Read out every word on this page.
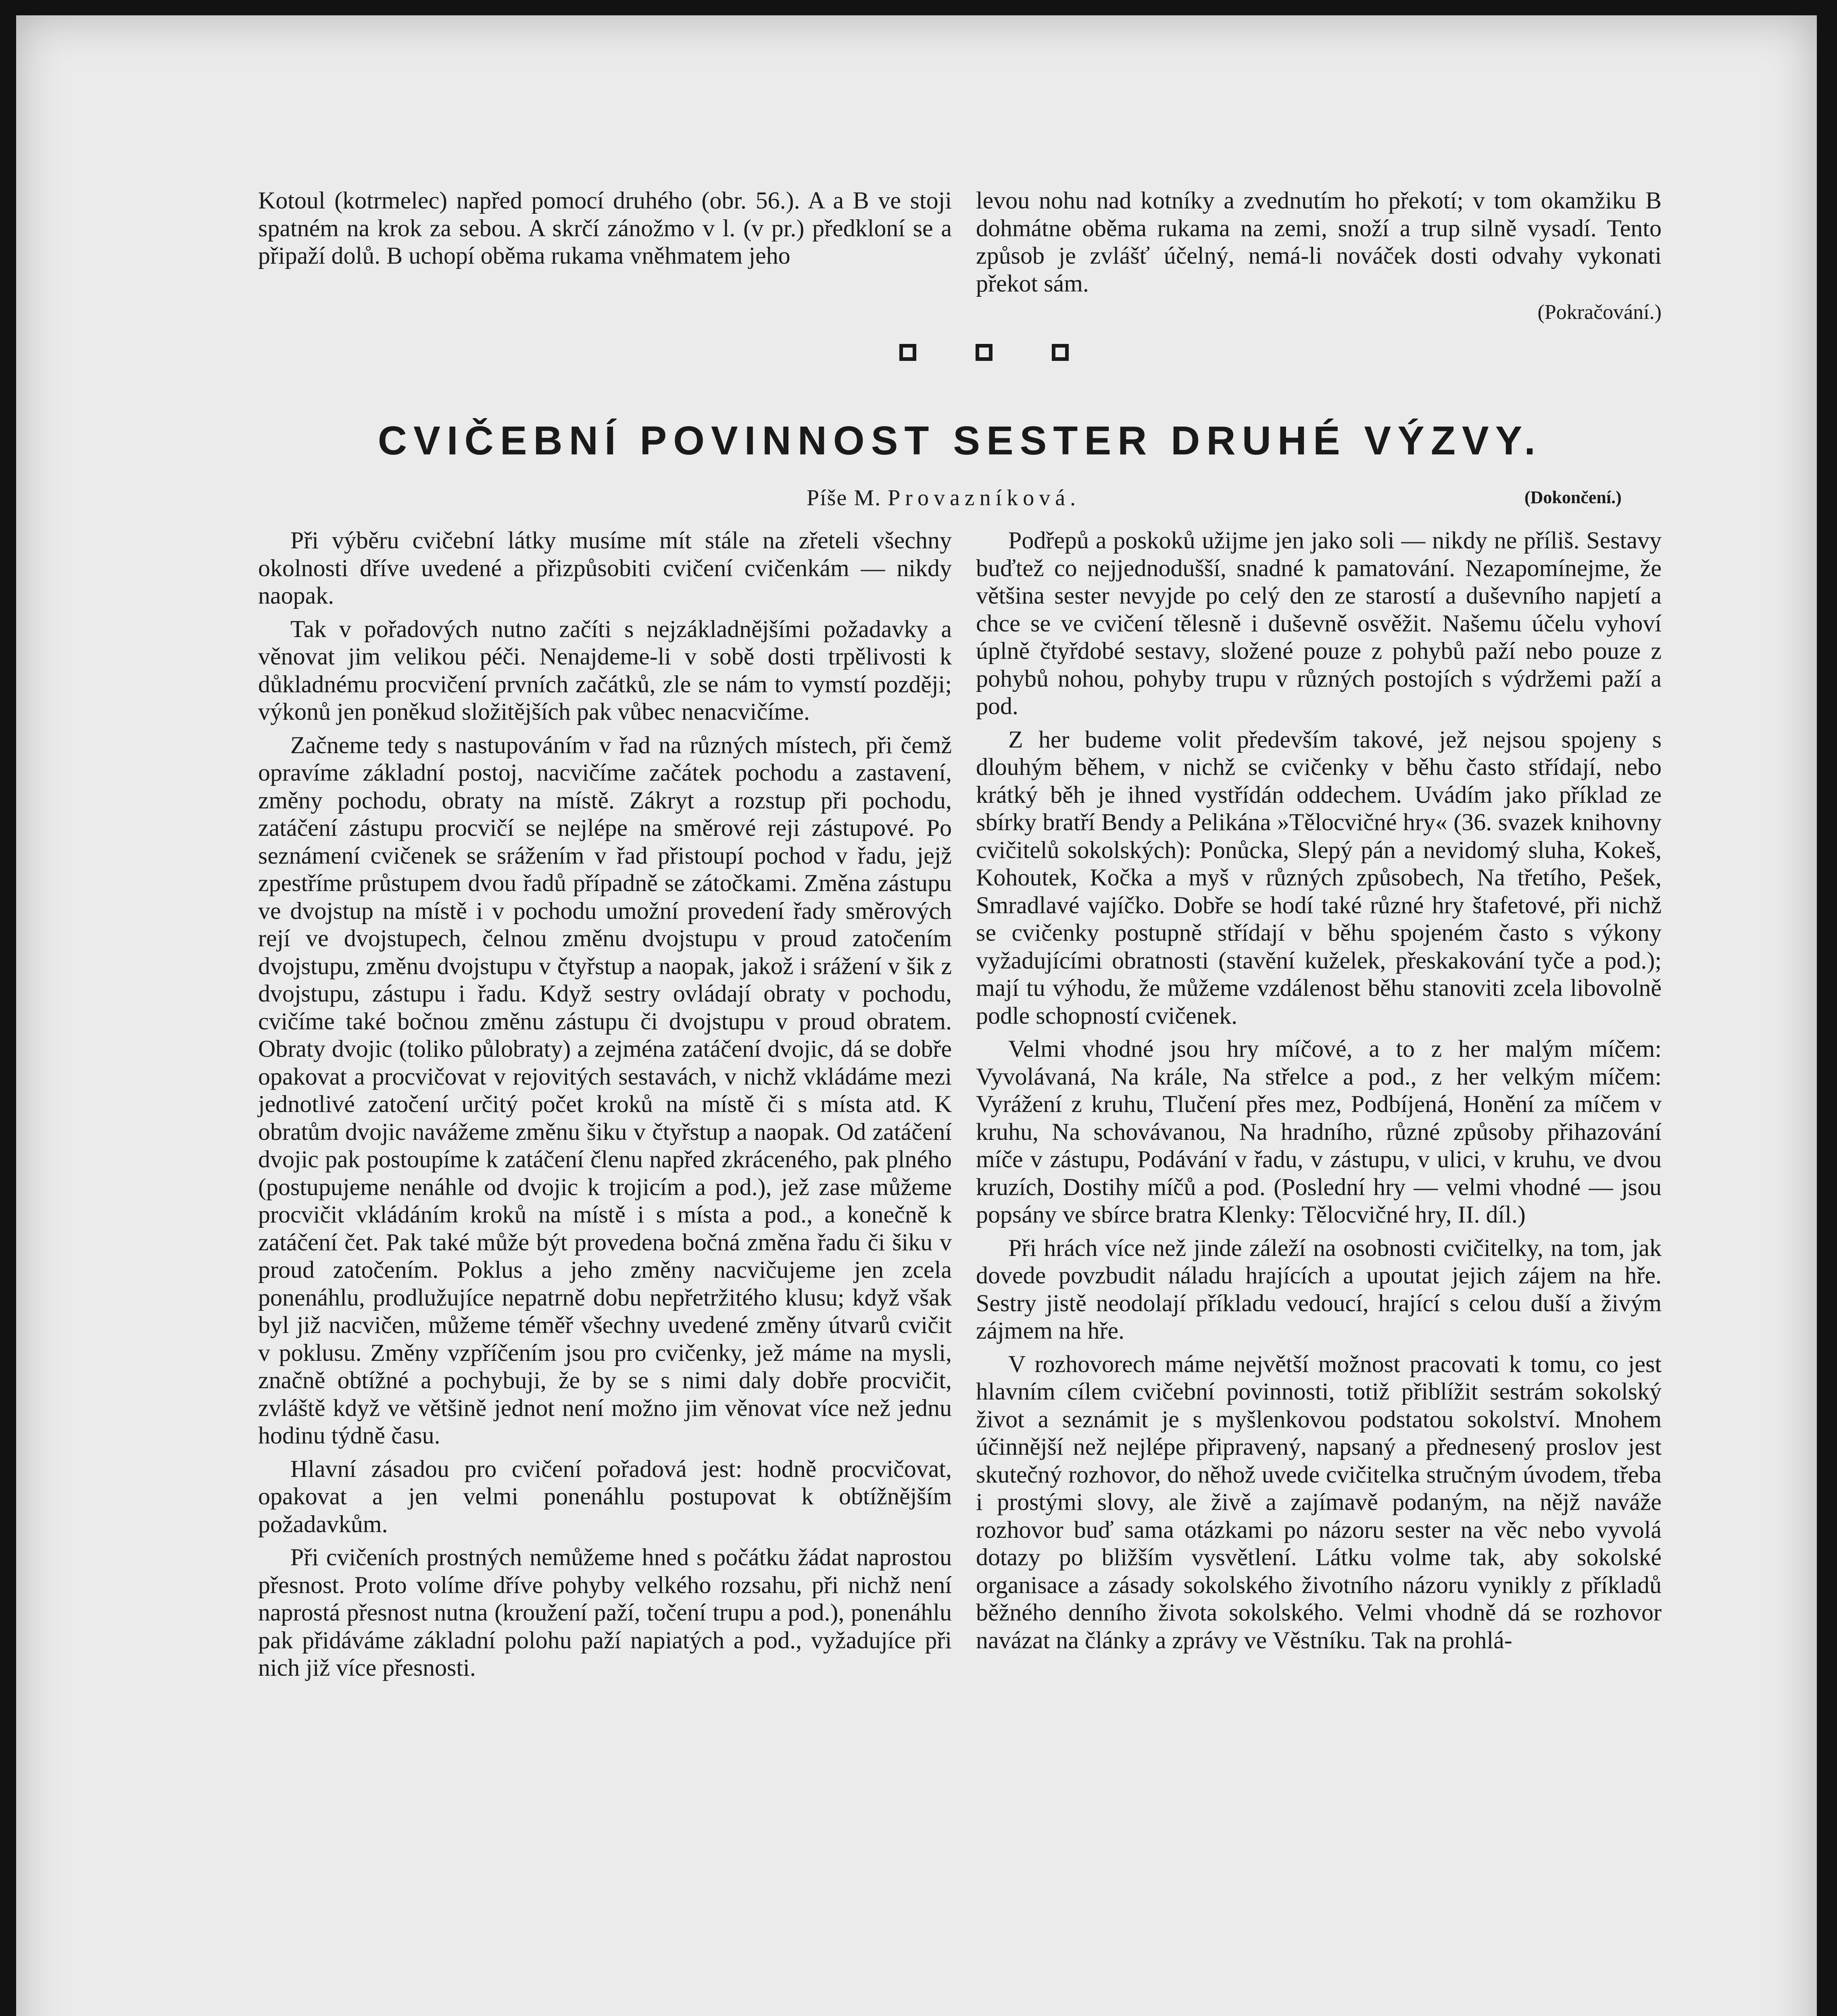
Kotoul (kotrmelec) napřed pomocí druhého (obr. 56.). A a B ve stoji spatném na krok za sebou. A skrčí zánožmo v l. (v pr.) předkloní se a připaží dolů. B uchopí oběma rukama vněhmatem jeho

levou nohu nad kotníky a zvednutím ho překotí; v tom okamžiku B dohmátne oběma rukama na zemi, snoží a trup silně vysadí. Tento způsob je zvlášť účelný, nemá-li nováček dosti odvahy vykonati překot sám.

(Pokračování.)
CVIČEBNÍ POVINNOST SESTER DRUHÉ VÝZVY.
Píše M. Provazníková.	(Dokončení.)

Při výběru cvičební látky musíme mít stále na zřeteli všechny okolnosti dříve uvedené a přizpůsobiti cvičení cvičenkám — nikdy naopak.

Tak v pořadových nutno začíti s nejzákladnějšími požadavky a věnovat jim velikou péči. Nenajdeme-li v sobě dosti trpělivosti k důkladnému procvičení prvních začátků, zle se nám to vymstí později; výkonů jen poněkud složitějších pak vůbec nenacvičíme.

Začneme tedy s nastupováním v řad na různých místech, při čemž opravíme základní postoj, nacvičíme začátek pochodu a zastavení, změny pochodu, obraty na místě. Zákryt a rozstup při pochodu, zatáčení zástupu procvičí se nejlépe na směrové reji zástupové. Po seznámení cvičenek se srážením v řad přistoupí pochod v řadu, jejž zpestříme průstupem dvou řadů případně se zátočkami. Změna zástupu ve dvojstup na místě i v pochodu umožní provedení řady směrových rejí ve dvojstupech, čelnou změnu dvojstupu v proud zatočením dvojstupu, změnu dvojstupu v čtyřstup a naopak, jakož i srážení v šik z dvojstupu, zástupu i řadu. Když sestry ovládají obraty v pochodu, cvičíme také bočnou změnu zástupu či dvojstupu v proud obratem. Obraty dvojic (toliko půlobraty) a zejména zatáčení dvojic, dá se dobře opakovat a procvičovat v rejovitých sestavách, v nichž vkládáme mezi jednotlivé zatočení určitý počet kroků na místě či s místa atd. K obratům dvojic navážeme změnu šiku v čtyřstup a naopak. Od zatáčení dvojic pak postoupíme k zatáčení členu napřed zkráceného, pak plného (postupujeme nenáhle od dvojic k trojicím a pod.), jež zase můžeme procvičit vkládáním kroků na místě i s místa a pod., a konečně k zatáčení čet. Pak také může být provedena bočná změna řadu či šiku v proud zatočením. Poklus a jeho změny nacvičujeme jen zcela ponenáhlu, prodlužujíce nepatrně dobu nepřetržitého klusu; když však byl již nacvičen, můžeme téměř všechny uvedené změny útvarů cvičit v poklusu. Změny vzpříčením jsou pro cvičenky, jež máme na mysli, značně obtížné a pochybuji, že by se s nimi daly dobře procvičit, zvláště když ve většině jednot není možno jim věnovat více než jednu hodinu týdně času.

Hlavní zásadou pro cvičení pořadová jest: hodně procvičovat, opakovat a jen velmi ponenáhlu postupovat k obtížnějším požadavkům.

Při cvičeních prostných nemůžeme hned s počátku žádat naprostou přesnost. Proto volíme dříve pohyby velkého rozsahu, při nichž není naprostá přesnost nutna (kroužení paží, točení trupu a pod.), ponenáhlu pak přidáváme základní polohu paží napiatých a pod., vyžadujíce při nich již více přesnosti.

Podřepů a poskoků užijme jen jako soli — nikdy ne příliš. Sestavy buďtež co nejjednodušší, snadné k pamatování. Nezapomínejme, že většina sester nevyjde po celý den ze starostí a duševního napjetí a chce se ve cvičení tělesně i duševně osvěžit. Našemu účelu vyhoví úplně čtyřdobé sestavy, složené pouze z pohybů paží nebo pouze z pohybů nohou, pohyby trupu v různých postojích s výdržemi paží a pod.

Z her budeme volit především takové, jež nejsou spojeny s dlouhým během, v nichž se cvičenky v běhu často střídají, nebo krátký běh je ihned vystřídán oddechem. Uvádím jako příklad ze sbírky bratří Bendy a Pelikána »Tělocvičné hry« (36. svazek knihovny cvičitelů sokolských): Ponůcka, Slepý pán a nevidomý sluha, Kokeš, Kohoutek, Kočka a myš v různých způsobech, Na třetího, Pešek, Smradlavé vajíčko. Dobře se hodí také různé hry štafetové, při nichž se cvičenky postupně střídají v běhu spojeném často s výkony vyžadujícími obratnosti (stavění kuželek, přeskakování tyče a pod.); mají tu výhodu, že můžeme vzdálenost běhu stanoviti zcela libovolně podle schopností cvičenek.

Velmi vhodné jsou hry míčové, a to z her malým míčem: Vyvolávaná, Na krále, Na střelce a pod., z her velkým míčem: Vyrážení z kruhu, Tlučení přes mez, Podbíjená, Honění za míčem v kruhu, Na schovávanou, Na hradního, různé způsoby přihazování míče v zástupu, Podávání v řadu, v zástupu, v ulici, v kruhu, ve dvou kruzích, Dostihy míčů a pod. (Poslední hry — velmi vhodné — jsou popsány ve sbírce bratra Klenky: Tělocvičné hry, II. díl.)

Při hrách více než jinde záleží na osobnosti cvičitelky, na tom, jak dovede povzbudit náladu hrajících a upoutat jejich zájem na hře. Sestry jistě neodolají příkladu vedoucí, hrající s celou duší a živým zájmem na hře.

V rozhovorech máme největší možnost pracovati k tomu, co jest hlavním cílem cvičební povinnosti, totiž přiblížit sestrám sokolský život a seznámit je s myšlenkovou podstatou sokolství. Mnohem účinnější než nejlépe připravený, napsaný a přednesený proslov jest skutečný rozhovor, do něhož uvede cvičitelka stručným úvodem, třeba i prostými slovy, ale živě a zajímavě podaným, na nějž naváže rozhovor buď sama otázkami po názoru sester na věc nebo vyvolá dotazy po bližším vysvětlení. Látku volme tak, aby sokolské organisace a zásady sokolského životního názoru vynikly z příkladů běžného denního života sokolského. Velmi vhodně dá se rozhovor navázat na články a zprávy ve Věstníku. Tak na prohlá-
